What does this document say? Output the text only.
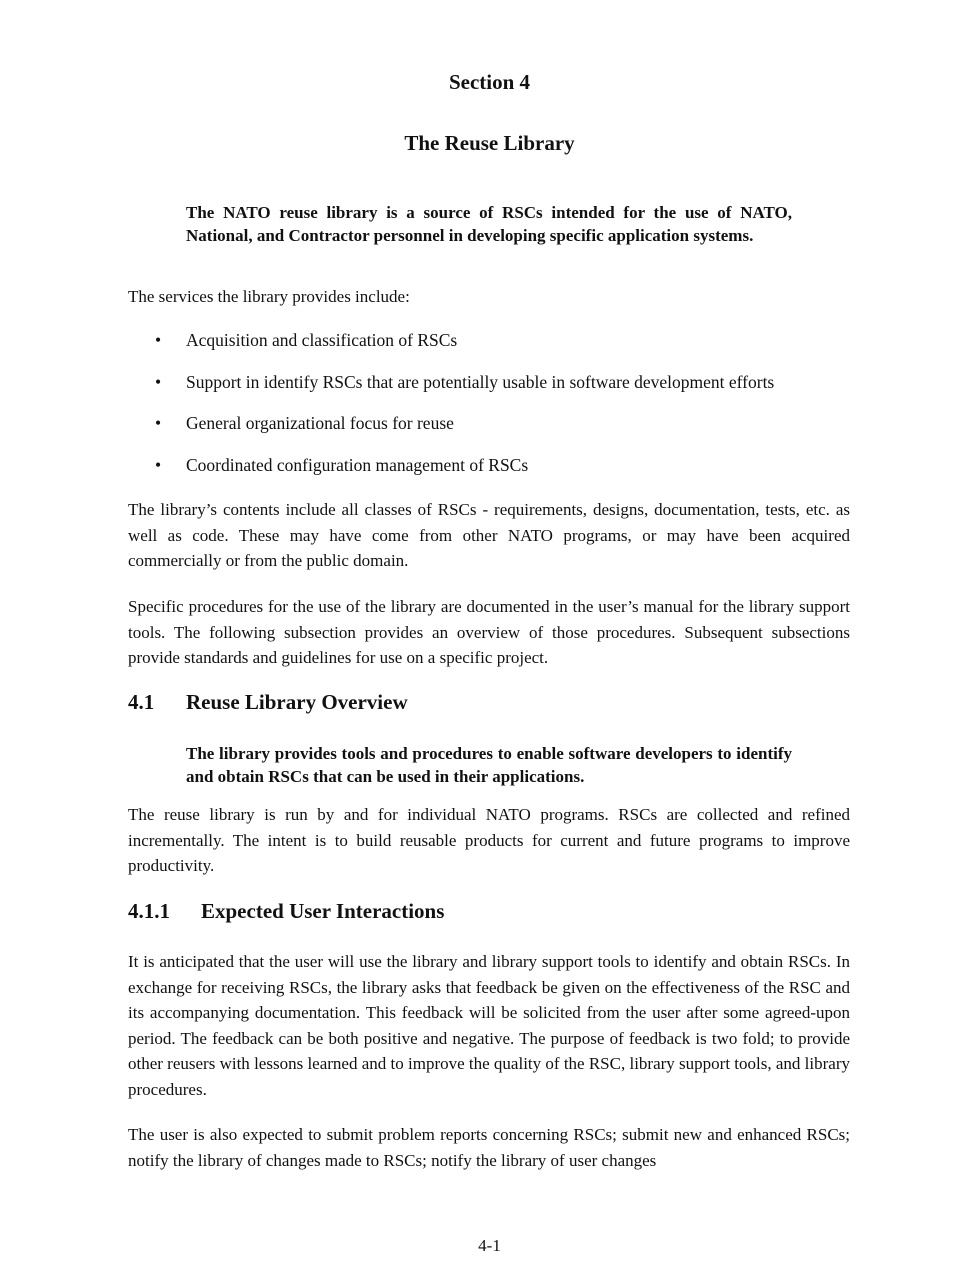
Section 4
The Reuse Library
The NATO reuse library is a source of RSCs intended for the use of NATO, National, and Contractor personnel in developing specific application systems.
The services the library provides include:
• Acquisition and classification of RSCs
• Support in identify RSCs that are potentially usable in software development efforts
• General organizational focus for reuse
• Coordinated configuration management of RSCs
The library’s contents include all classes of RSCs - requirements, designs, documentation, tests, etc. as well as code. These may have come from other NATO programs, or may have been acquired commercially or from the public domain.
Specific procedures for the use of the library are documented in the user’s manual for the library support tools. The following subsection provides an overview of those procedures. Subsequent subsections provide standards and guidelines for use on a specific project.
4.1 Reuse Library Overview
The library provides tools and procedures to enable software developers to identify and obtain RSCs that can be used in their applications.
The reuse library is run by and for individual NATO programs. RSCs are collected and refined incrementally. The intent is to build reusable products for current and future programs to improve productivity.
4.1.1 Expected User Interactions
It is anticipated that the user will use the library and library support tools to identify and obtain RSCs. In exchange for receiving RSCs, the library asks that feedback be given on the effectiveness of the RSC and its accompanying documentation. This feedback will be solicited from the user after some agreed-upon period. The feedback can be both positive and negative. The purpose of feedback is two fold; to provide other reusers with lessons learned and to improve the quality of the RSC, library support tools, and library procedures.
The user is also expected to submit problem reports concerning RSCs; submit new and enhanced RSCs; notify the library of changes made to RSCs; notify the library of user changes
4-1
